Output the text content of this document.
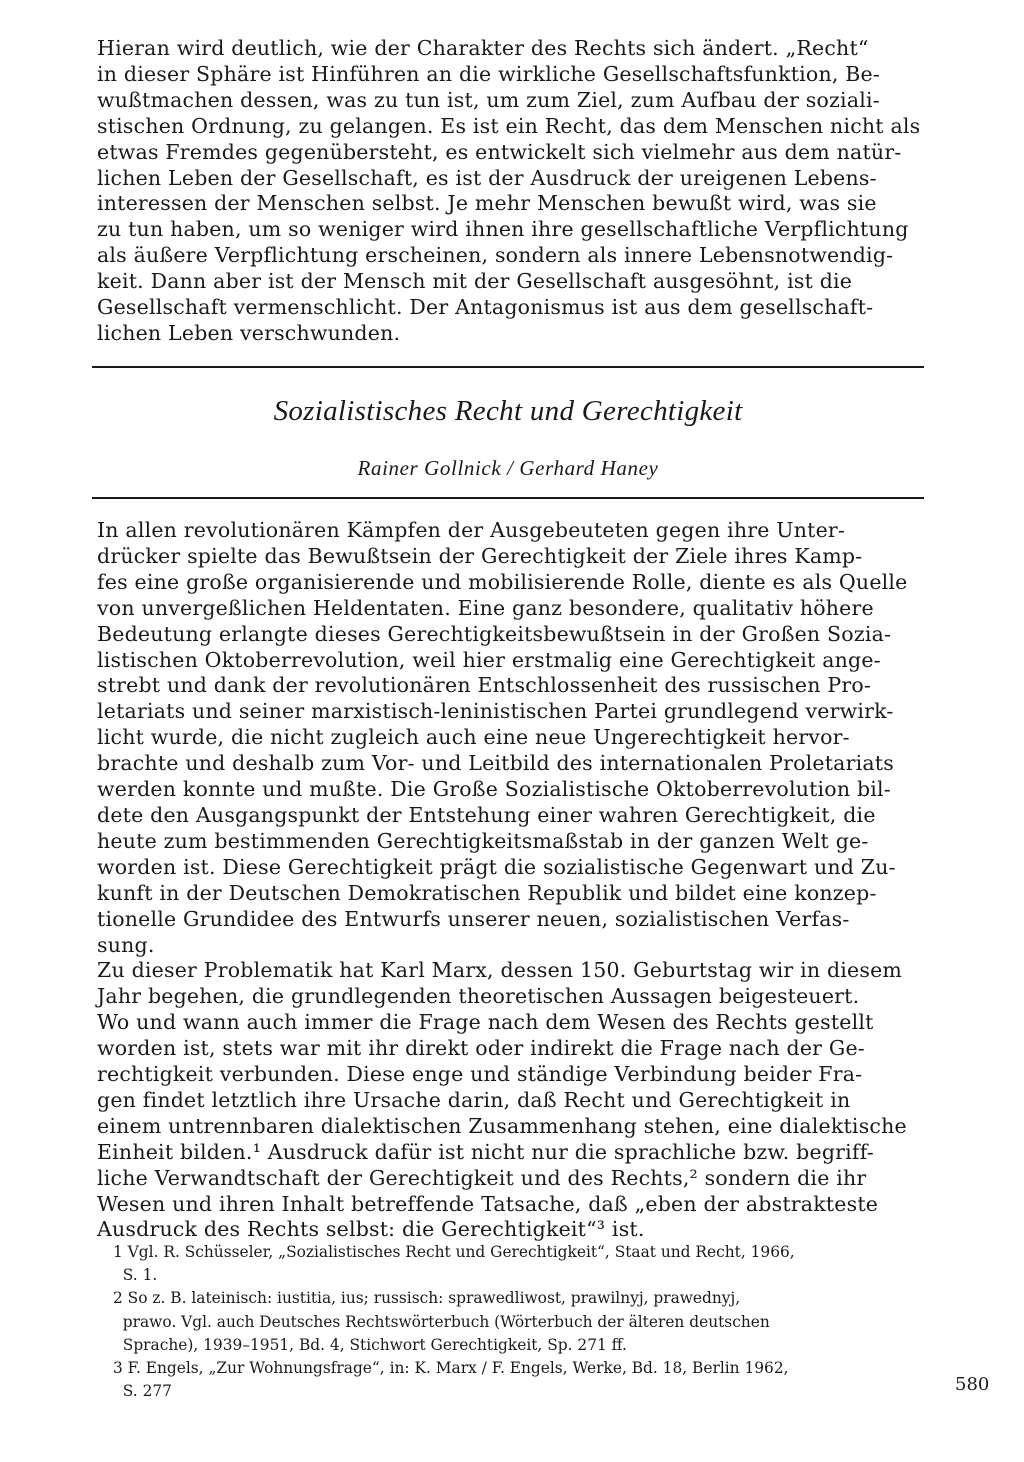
Hieran wird deutlich, wie der Charakter des Rechts sich ändert. „Recht“
in dieser Sphäre ist Hinführen an die wirkliche Gesellschaftsfunktion, Be-
wußtmachen dessen, was zu tun ist, um zum Ziel, zum Aufbau der soziali-
stischen Ordnung, zu gelangen. Es ist ein Recht, das dem Menschen nicht als
etwas Fremdes gegenübersteht, es entwickelt sich vielmehr aus dem natür-
lichen Leben der Gesellschaft, es ist der Ausdruck der ureigenen Lebens-
interessen der Menschen selbst. Je mehr Menschen bewußt wird, was sie
zu tun haben, um so weniger wird ihnen ihre gesellschaftliche Verpflichtung
als äußere Verpflichtung erscheinen, sondern als innere Lebensnotwendig-
keit. Dann aber ist der Mensch mit der Gesellschaft ausgesöhnt, ist die
Gesellschaft vermenschlicht. Der Antagonismus ist aus dem gesellschaft-
lichen Leben verschwunden.
Sozialistisches Recht und Gerechtigkeit
Rainer Gollnick / Gerhard Haney
In allen revolutionären Kämpfen der Ausgebeuteten gegen ihre Unter-
drücker spielte das Bewußtsein der Gerechtigkeit der Ziele ihres Kamp-
fes eine große organisierende und mobilisierende Rolle, diente es als Quelle
von unvergeßlichen Heldentaten. Eine ganz besondere, qualitativ höhere
Bedeutung erlangte dieses Gerechtigkeitsbewußtsein in der Großen Sozia-
listischen Oktoberrevolution, weil hier erstmalig eine Gerechtigkeit ange-
strebt und dank der revolutionären Entschlossenheit des russischen Pro-
letariats und seiner marxistisch-leninistischen Partei grundlegend verwirk-
licht wurde, die nicht zugleich auch eine neue Ungerechtigkeit hervor-
brachte und deshalb zum Vor- und Leitbild des internationalen Proletariats
werden konnte und mußte. Die Große Sozialistische Oktoberrevolution bil-
dete den Ausgangspunkt der Entstehung einer wahren Gerechtigkeit, die
heute zum bestimmenden Gerechtigkeitsmaßstab in der ganzen Welt ge-
worden ist. Diese Gerechtigkeit prägt die sozialistische Gegenwart und Zu-
kunft in der Deutschen Demokratischen Republik und bildet eine konzep-
tionelle Grundidee des Entwurfs unserer neuen, sozialistischen Verfas-
sung.
Zu dieser Problematik hat Karl Marx, dessen 150. Geburtstag wir in diesem
Jahr begehen, die grundlegenden theoretischen Aussagen beigesteuert.
Wo und wann auch immer die Frage nach dem Wesen des Rechts gestellt
worden ist, stets war mit ihr direkt oder indirekt die Frage nach der Ge-
rechtigkeit verbunden. Diese enge und ständige Verbindung beider Fra-
gen findet letztlich ihre Ursache darin, daß Recht und Gerechtigkeit in
einem untrennbaren dialektischen Zusammenhang stehen, eine dialektische
Einheit bilden.¹ Ausdruck dafür ist nicht nur die sprachliche bzw. begriff-
liche Verwandtschaft der Gerechtigkeit und des Rechts,² sondern die ihr
Wesen und ihren Inhalt betreffende Tatsache, daß „eben der abstrakteste
Ausdruck des Rechts selbst: die Gerechtigkeit“³ ist.
1 Vgl. R. Schüsseler, „Sozialistisches Recht und Gerechtigkeit“, Staat und Recht, 1966,
S. 1.
2 So z. B. lateinisch: iustitia, ius; russisch: sprawedliwost, prawilnyj, prawednyj,
prawo. Vgl. auch Deutsches Rechtswörterbuch (Wörterbuch der älteren deutschen
Sprache), 1939–1951, Bd. 4, Stichwort Gerechtigkeit, Sp. 271 ff.
3 F. Engels, „Zur Wohnungsfrage“, in: K. Marx / F. Engels, Werke, Bd. 18, Berlin 1962,
S. 277	580
